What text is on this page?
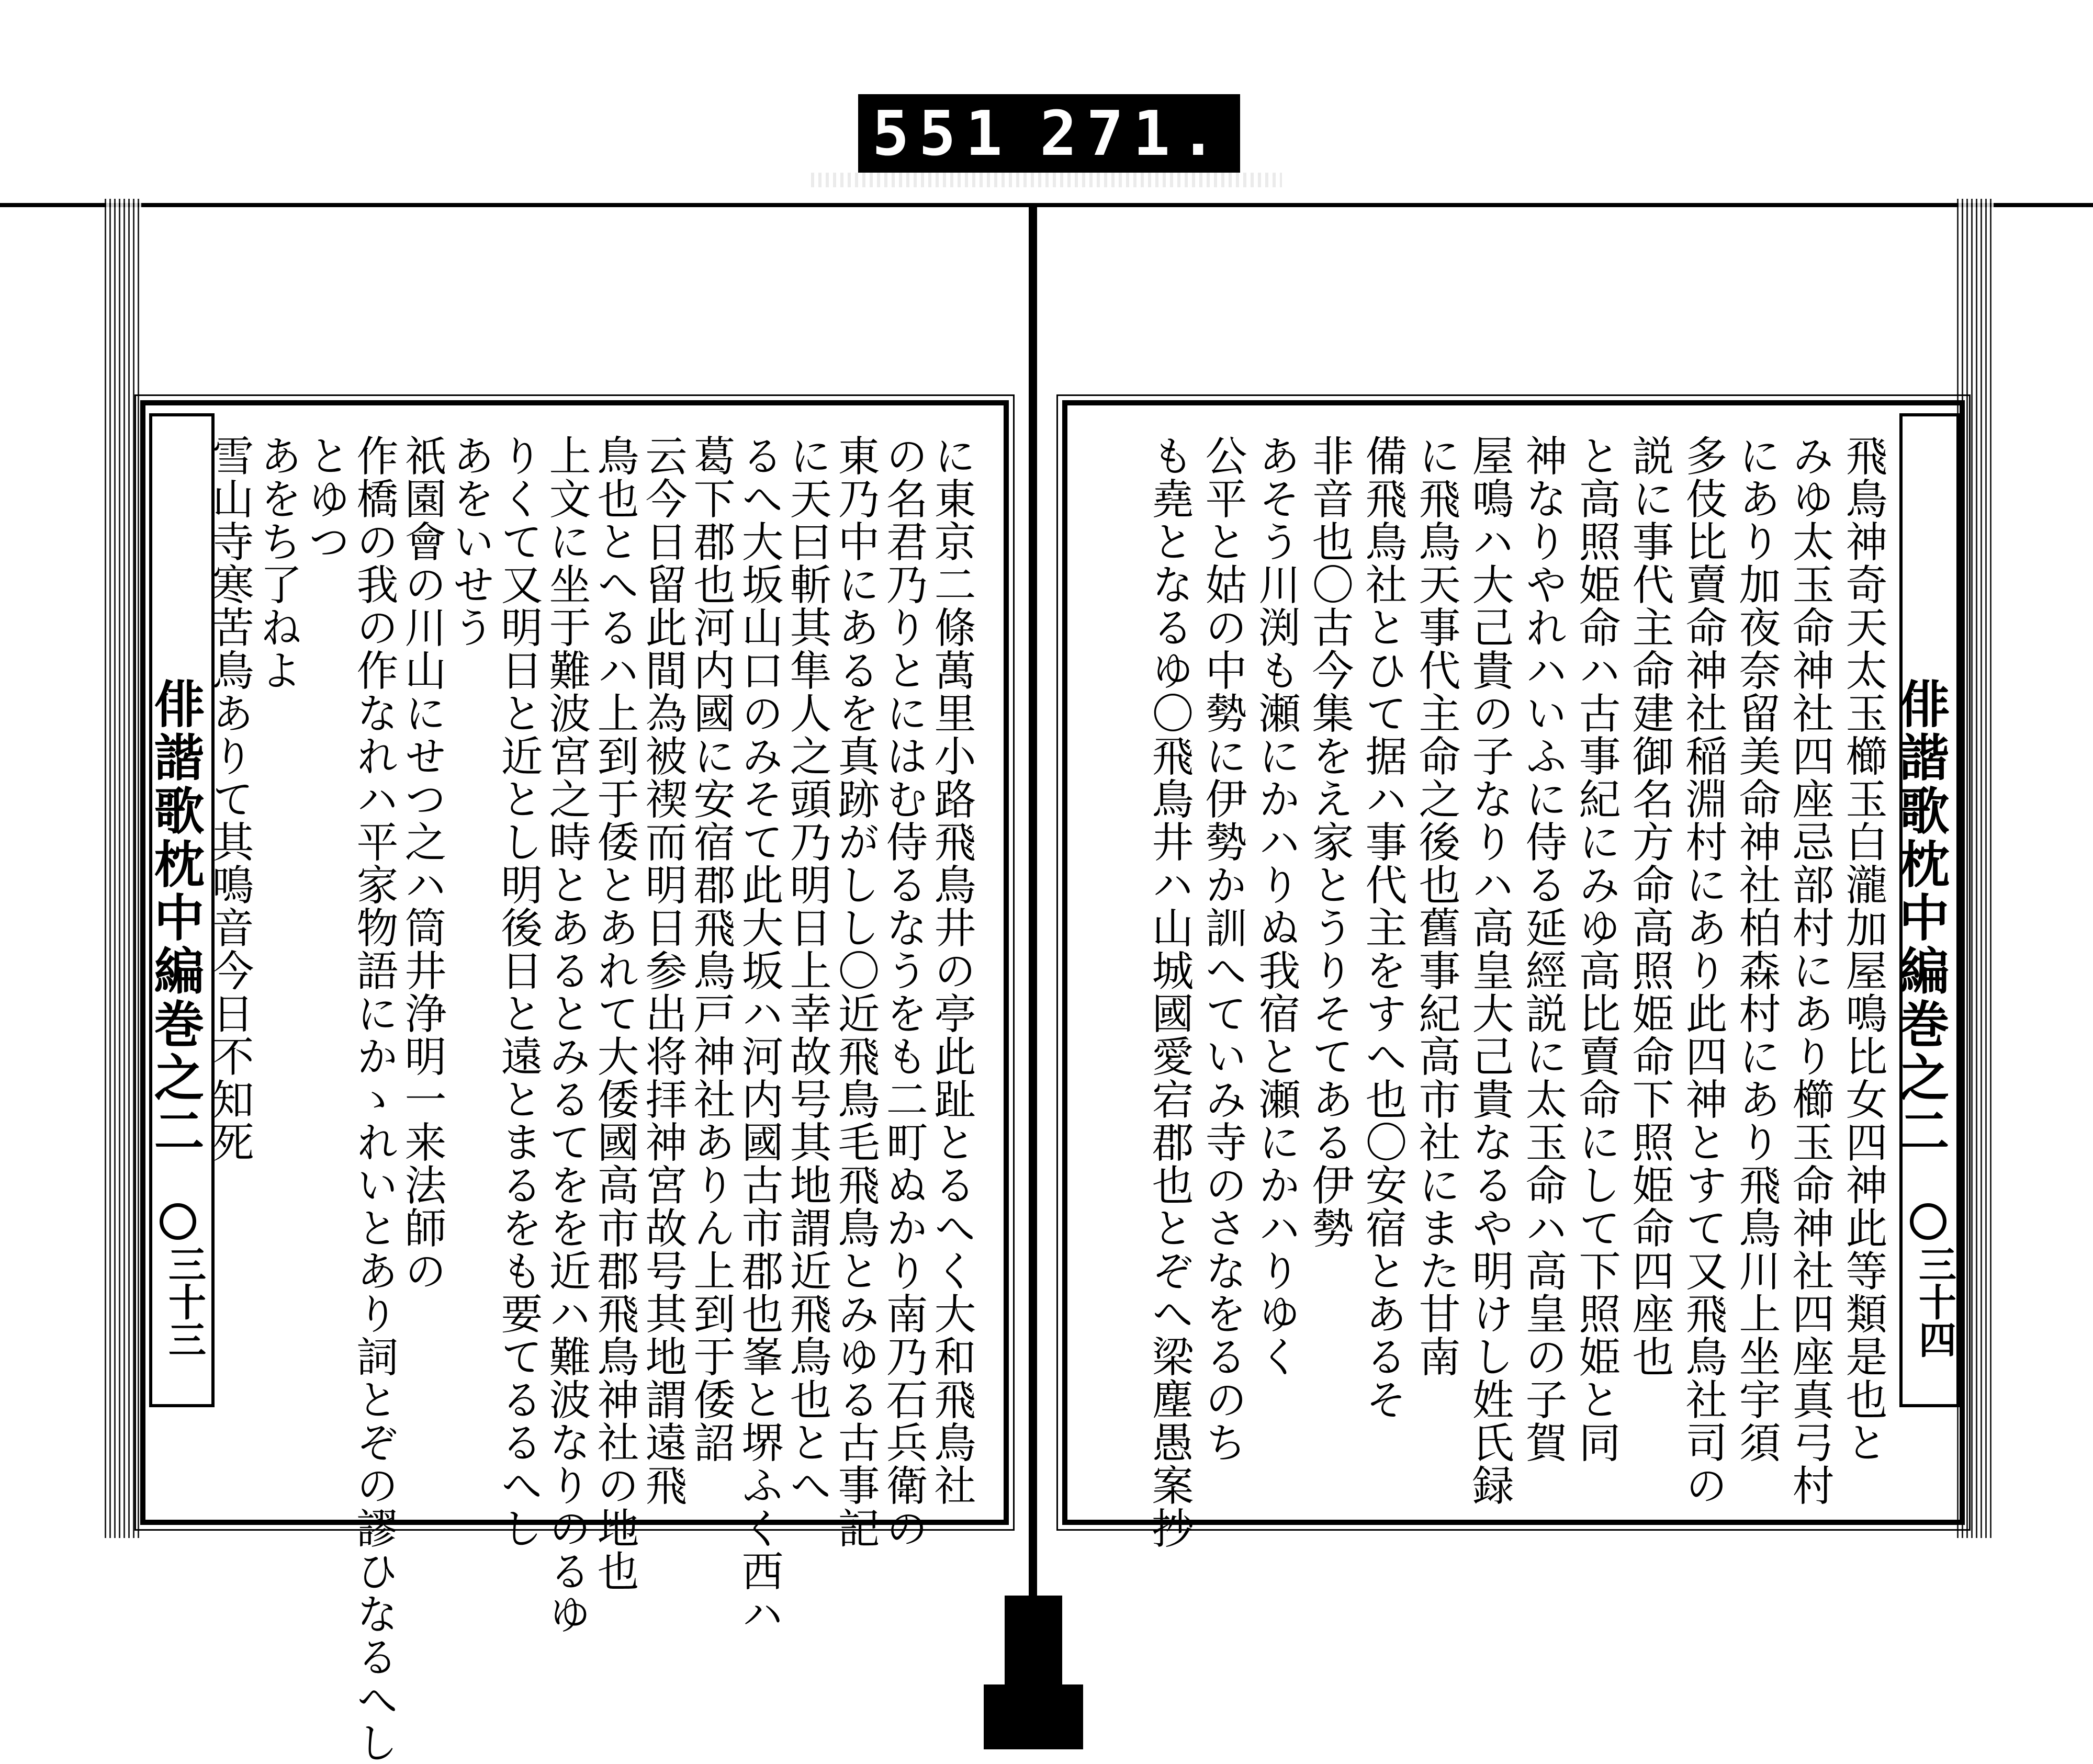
551 271.
に東京二條萬里小路飛鳥井の亭此趾とるへく大和飛鳥社
の名君乃りとにはむ侍るなうをも二町ぬかり南乃石兵衛の
東乃中にあるを真跡がしし〇近飛鳥毛飛鳥とみゆる古事記
に天曰斬其隼人之頭乃明日上幸故号其地謂近飛鳥也とへ
るへ大坂山口のみそて此大坂ハ河内國古市郡也峯と堺ふく西ハ
葛下郡也河内國に安宿郡飛鳥戸神社ありん上到于倭詔
云今日留此間為被禊而明日参出将拝神宮故号其地謂遠飛
鳥也とへるハ上到于倭とあれて大倭國高市郡飛鳥神社の地也
上文に坐于難波宮之時とあるとみるてをを近ハ難波なりのるゆ
りくて又明日と近とし明後日と遠とまるをも要てるるへし
あをいせう
祇園會の川山にせつ之ハ筒井浄明一来法師の
作橋の我の作なれハ平家物語にかゝれいとあり詞とぞの謬ひなるへし
とゆつ
あをち了ねよ
雪山寺寒苦鳥ありて其鳴音今日不知死
俳諧歌枕中編巻之二
三十三	飛鳥神奇天太玉櫛玉白瀧加屋鳴比女四神此等類是也と
みゆ太玉命神社四座忌部村にあり櫛玉命神社四座真弓村
にあり加夜奈留美命神社柏森村にあり飛鳥川上坐宇須
多伎比賣命神社稲淵村にあり此四神とすて又飛鳥社司の
説に事代主命建御名方命高照姫命下照姫命四座也
と高照姫命ハ古事紀にみゆ高比賣命にして下照姫と同
神なりやれハいふに侍る延經説に太玉命ハ高皇の子賀
屋鳴ハ大己貴の子なりハ高皇大己貴なるや明けし姓氏録
に飛鳥天事代主命之後也舊事紀高市社にまた甘南
備飛鳥社とひて据ハ事代主をすへ也〇安宿とあるそ
非音也〇古今集をえ家とうりそてある伊勢
あそう川渕も瀬にかハりぬ我宿と瀬にかハりゆく
公平と姑の中勢に伊勢か訓へていみ寺のさなをるのち
も堯となるゆ〇飛鳥井ハ山城國愛宕郡也とぞへ梁塵愚案抄	俳諧歌枕中編巻之二
三十四
